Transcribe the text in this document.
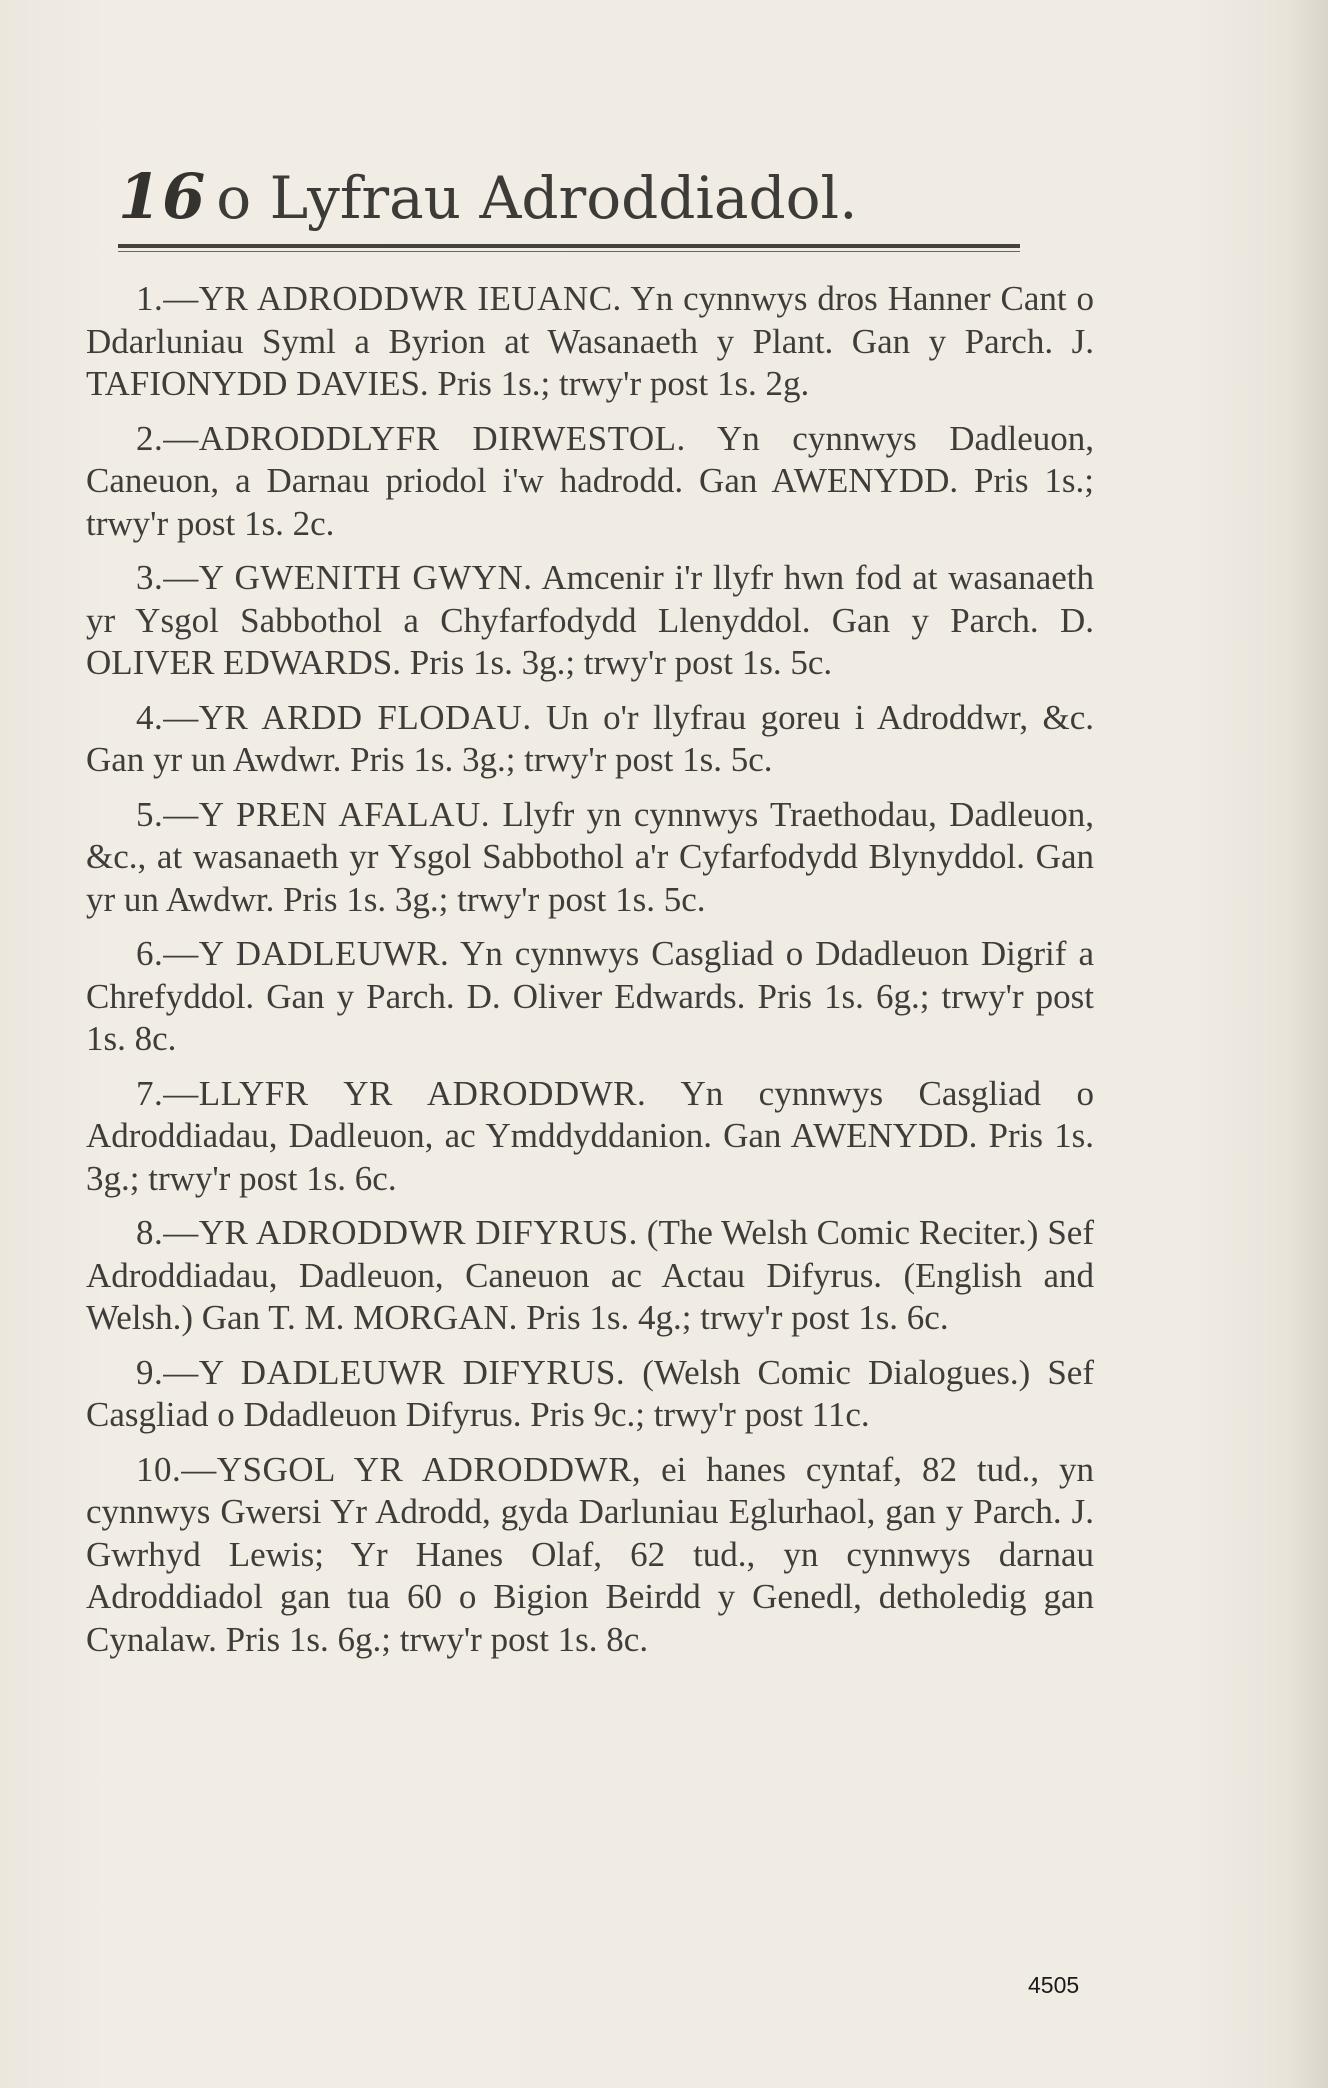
16 o Lyfrau Adroddiadol.

1.—YR ADRODDWR IEUANC. Yn cynnwys dros Hanner Cant o Ddarluniau Syml a Byrion at Wasanaeth y Plant. Gan y Parch. J. TAFIONYDD DAVIES. Pris 1s.; trwy'r post 1s. 2g.

2.—ADRODDLYFR DIRWESTOL. Yn cynnwys Dadleuon, Caneuon, a Darnau priodol i'w hadrodd. Gan AWENYDD. Pris 1s.; trwy'r post 1s. 2c.

3.—Y GWENITH GWYN. Amcenir i'r llyfr hwn fod at wasanaeth yr Ysgol Sabbothol a Chyfarfodydd Llenyddol. Gan y Parch. D. OLIVER EDWARDS. Pris 1s. 3g.; trwy'r post 1s. 5c.

4.—YR ARDD FLODAU. Un o'r llyfrau goreu i Adroddwr, &c. Gan yr un Awdwr. Pris 1s. 3g.; trwy'r post 1s. 5c.

5.—Y PREN AFALAU. Llyfr yn cynnwys Traethodau, Dadleuon, &c., at wasanaeth yr Ysgol Sabbothol a'r Cyfarfodydd Blynyddol. Gan yr un Awdwr. Pris 1s. 3g.; trwy'r post 1s. 5c.

6.—Y DADLEUWR. Yn cynnwys Casgliad o Ddadleuon Digrif a Chrefyddol. Gan y Parch. D. Oliver Edwards. Pris 1s. 6g.; trwy'r post 1s. 8c.

7.—LLYFR YR ADRODDWR. Yn cynnwys Casgliad o Adroddiadau, Dadleuon, ac Ymddyddanion. Gan AWENYDD. Pris 1s. 3g.; trwy'r post 1s. 6c.

8.—YR ADRODDWR DIFYRUS. (The Welsh Comic Reciter.) Sef Adroddiadau, Dadleuon, Caneuon ac Actau Difyrus. (English and Welsh.) Gan T. M. MORGAN. Pris 1s. 4g.; trwy'r post 1s. 6c.

9.—Y DADLEUWR DIFYRUS. (Welsh Comic Dialogues.) Sef Casgliad o Ddadleuon Difyrus. Pris 9c.; trwy'r post 11c.

10.—YSGOL YR ADRODDWR, ei hanes cyntaf, 82 tud., yn cynnwys Gwersi Yr Adrodd, gyda Darluniau Eglurhaol, gan y Parch. J. Gwrhyd Lewis; Yr Hanes Olaf, 62 tud., yn cynnwys darnau Adroddiadol gan tua 60 o Bigion Beirdd y Genedl, detholedig gan Cynalaw. Pris 1s. 6g.; trwy'r post 1s. 8c.

4505
